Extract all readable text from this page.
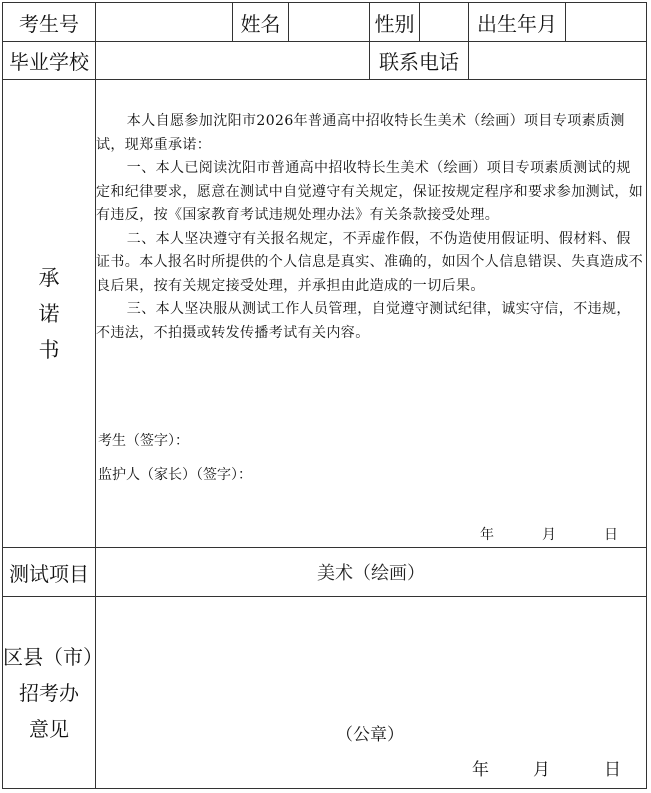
考生号	姓名	性别	出生年月
毕业学校	联系电话
承
诺
书

本人自愿参加沈阳市2026年普通高中招收特长生美术（绘画）项目专项素质测试，现郑重承诺：

一、本人已阅读沈阳市普通高中招收特长生美术（绘画）项目专项素质测试的规定和纪律要求，愿意在测试中自觉遵守有关规定，保证按规定程序和要求参加测试，如有违反，按《国家教育考试违规处理办法》有关条款接受处理。

二、本人坚决遵守有关报名规定，不弄虚作假，不伪造使用假证明、假材料、假证书。本人报名时所提供的个人信息是真实、准确的，如因个人信息错误、失真造成不良后果，按有关规定接受处理，并承担由此造成的一切后果。

三、本人坚决服从测试工作人员管理，自觉遵守测试纪律，诚实守信，不违规，不违法，不拍摄或转发传播考试有关内容。

考生（签字）：
监护人（家长）（签字）：
年	月	日
测试项目	美术（绘画）
区县（市）
招考办
意见	（公章）
年	月	日
